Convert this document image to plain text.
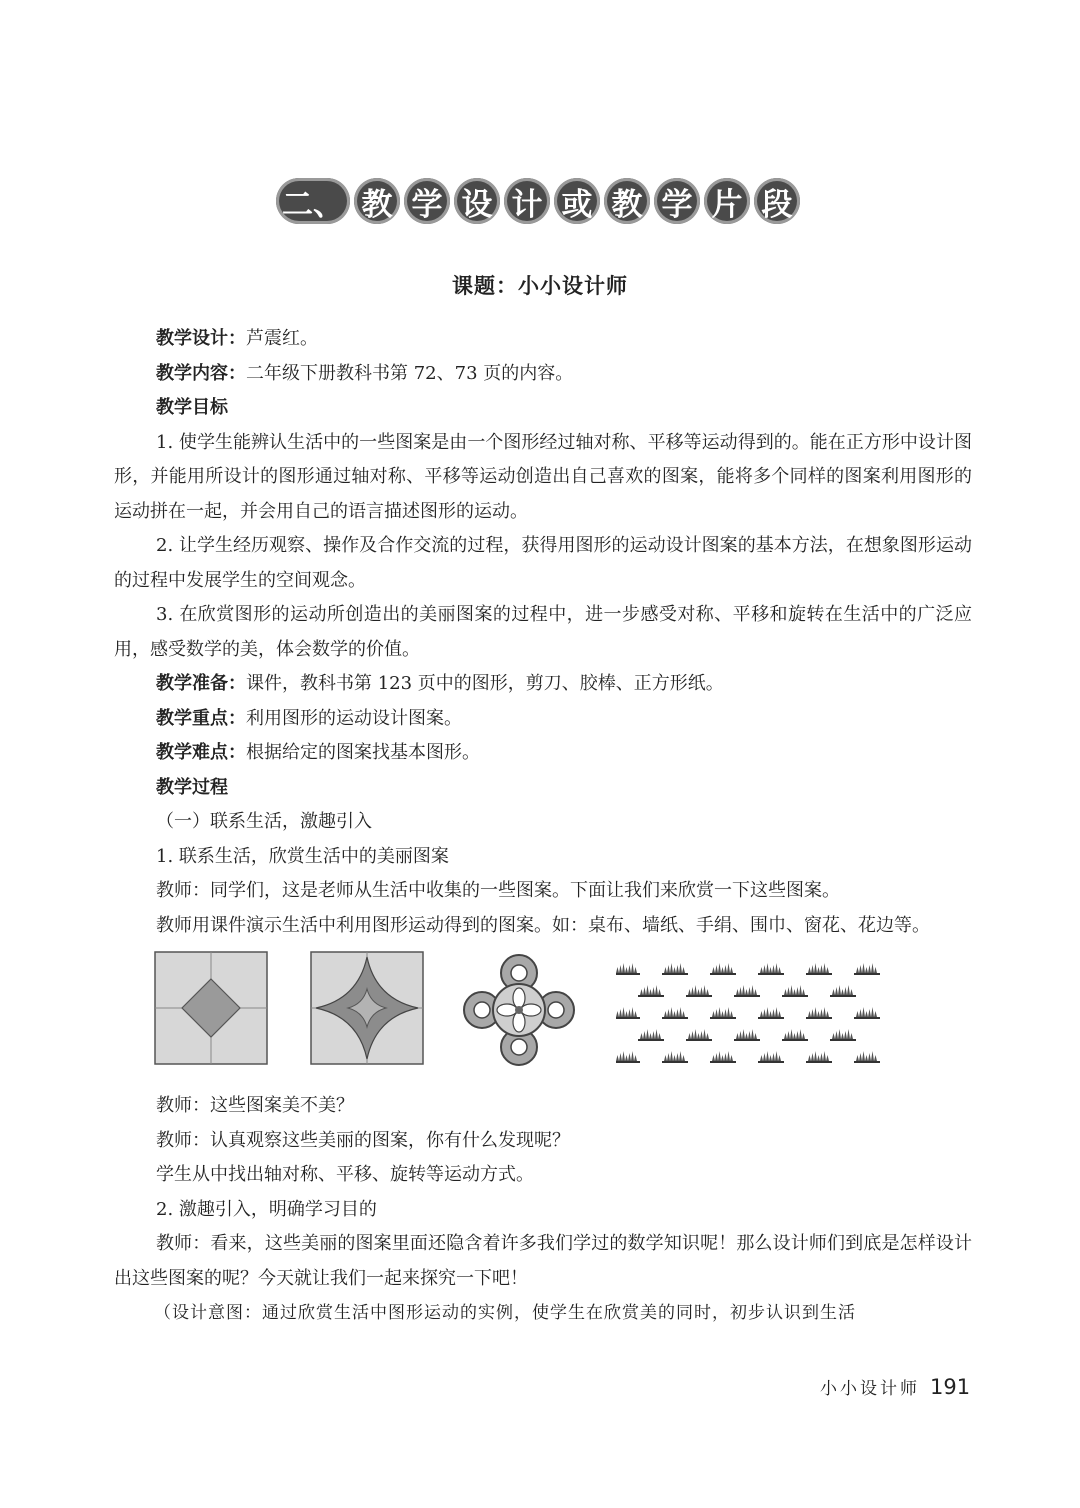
二、 教 学 设 计 或 教 学 片 段
课题：小小设计师

教学设计：芦震红。

教学内容：二年级下册教科书第 72、73 页的内容。

教学目标

1. 使学生能辨认生活中的一些图案是由一个图形经过轴对称、平移等运动得到的。能在正方形中设计图形，并能用所设计的图形通过轴对称、平移等运动创造出自己喜欢的图案，能将多个同样的图案利用图形的运动拼在一起，并会用自己的语言描述图形的运动。

2. 让学生经历观察、操作及合作交流的过程，获得用图形的运动设计图案的基本方法，在想象图形运动的过程中发展学生的空间观念。

3. 在欣赏图形的运动所创造出的美丽图案的过程中，进一步感受对称、平移和旋转在生活中的广泛应用，感受数学的美，体会数学的价值。

教学准备：课件，教科书第 123 页中的图形，剪刀、胶棒、正方形纸。

教学重点：利用图形的运动设计图案。

教学难点：根据给定的图案找基本图形。

教学过程

（一）联系生活，激趣引入

1. 联系生活，欣赏生活中的美丽图案

教师：同学们，这是老师从生活中收集的一些图案。下面让我们来欣赏一下这些图案。

教师用课件演示生活中利用图形运动得到的图案。如：桌布、墙纸、手绢、围巾、窗花、花边等。

教师：这些图案美不美？

教师：认真观察这些美丽的图案，你有什么发现呢？

学生从中找出轴对称、平移、旋转等运动方式。

2. 激趣引入，明确学习目的

教师：看来，这些美丽的图案里面还隐含着许多我们学过的数学知识呢！那么设计师们到底是怎样设计出这些图案的呢？今天就让我们一起来探究一下吧！

（设计意图：通过欣赏生活中图形运动的实例，使学生在欣赏美的同时，初步认识到生活

小小设计师 191
